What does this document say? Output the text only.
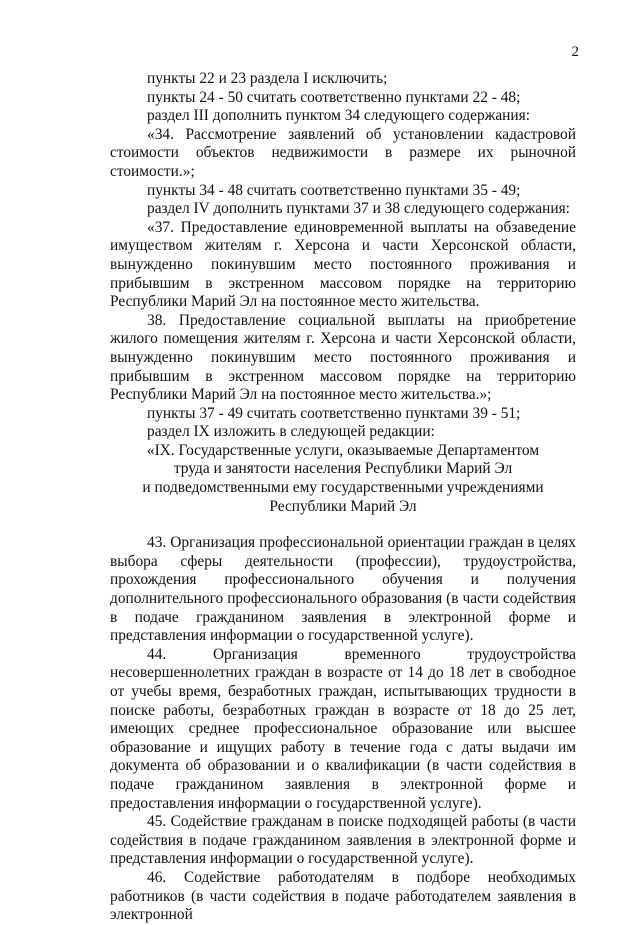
2

пункты 22 и 23 раздела I исключить;

пункты 24 - 50 считать соответственно пунктами 22 - 48;

раздел III дополнить пунктом 34 следующего содержания:

«34. Рассмотрение заявлений об установлении кадастровой стоимости объектов недвижимости в размере их рыночной стоимости.»;

пункты 34 - 48 считать соответственно пунктами 35 - 49;

раздел IV дополнить пунктами 37 и 38 следующего содержания:

«37. Предоставление единовременной выплаты на обзаведение имуществом жителям г. Херсона и части Херсонской области, вынужденно покинувшим место постоянного проживания и прибывшим в экстренном массовом порядке на территорию Республики Марий Эл на постоянное место жительства.

38. Предоставление социальной выплаты на приобретение жилого помещения жителям г. Херсона и части Херсонской области, вынужденно покинувшим место постоянного проживания и прибывшим в экстренном массовом порядке на территорию Республики Марий Эл на постоянное место жительства.»;

пункты 37 - 49 считать соответственно пунктами 39 - 51;

раздел IX изложить в следующей редакции:

«IX. Государственные услуги, оказываемые Департаментом
труда и занятости населения Республики Марий Эл
и подведомственными ему государственными учреждениями
Республики Марий Эл

43. Организация профессиональной ориентации граждан в целях выбора сферы деятельности (профессии), трудоустройства, прохождения профессионального обучения и получения дополнительного профессионального образования (в части содействия в подаче гражданином заявления в электронной форме и представления информации о государственной услуге).

44. Организация временного трудоустройства несовершеннолетних граждан в возрасте от 14 до 18 лет в свободное от учебы время, безработных граждан, испытывающих трудности в поиске работы, безработных граждан в возрасте от 18 до 25 лет, имеющих среднее профессиональное образование или высшее образование и ищущих работу в течение года с даты выдачи им документа об образовании и о квалификации (в части содействия в подаче гражданином заявления в электронной форме и предоставления информации о государственной услуге).

45. Содействие гражданам в поиске подходящей работы (в части содействия в подаче гражданином заявления в электронной форме и представления информации о государственной услуге).

46. Содействие работодателям в подборе необходимых работников (в части содействия в подаче работодателем заявления в электронной
